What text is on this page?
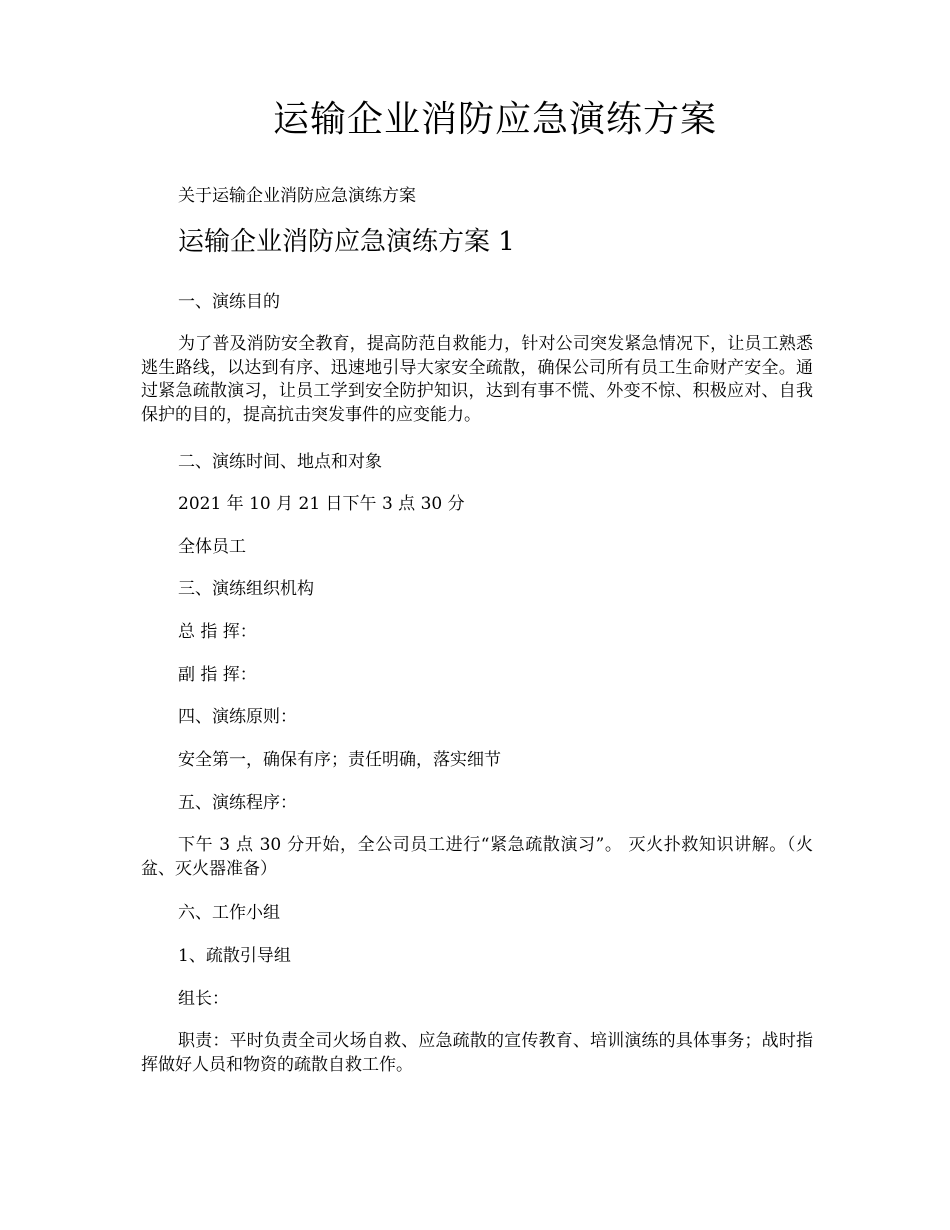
运输企业消防应急演练方案
关于运输企业消防应急演练方案
运输企业消防应急演练方案 1
一、演练目的

为了普及消防安全教育，提高防范自救能力，针对公司突发紧急情况下，让员工熟悉逃生路线，以达到有序、迅速地引导大家安全疏散，确保公司所有员工生命财产安全。通过紧急疏散演习，让员工学到安全防护知识，达到有事不慌、外变不惊、积极应对、自我保护的目的，提高抗击突发事件的应变能力。

二、演练时间、地点和对象
2021 年 10 月 21 日下午 3 点 30 分
全体员工
三、演练组织机构
总 指 挥：
副 指 挥：
四、演练原则：
安全第一，确保有序；责任明确，落实细节
五、演练程序：

下午 3 点 30 分开始，全公司员工进行“紧急疏散演习”。 灭火扑救知识讲解。（火盆、灭火器准备）

六、工作小组
1、疏散引导组
组长：

职责：平时负责全司火场自救、应急疏散的宣传教育、培训演练的具体事务；战时指挥做好人员和物资的疏散自救工作。
